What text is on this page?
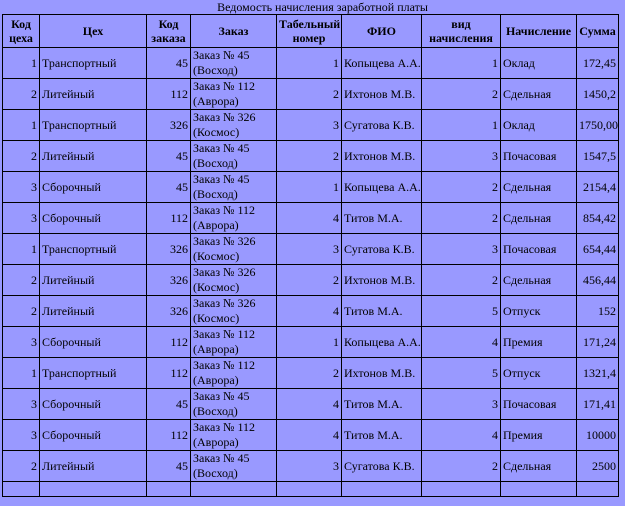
Ведомость начисления заработной платы
Код цеха	Цех	Код заказа	Заказ	Табельный номер	ФИО	вид начисления	Начисление	Сумма
1	Транспортный	45	Заказ № 45 (Восход)	1	Копыцева А.А.	1	Оклад	172,45
2	Литейный	112	Заказ № 112 (Аврора)	2	Ихтонов М.В.	2	Сдельная	1450,2
1	Транспортный	326	Заказ № 326 (Космос)	3	Сугатова К.В.	1	Оклад	1750,00
2	Литейный	45	Заказ № 45 (Восход)	2	Ихтонов М.В.	3	Почасовая	1547,5
3	Сборочный	45	Заказ № 45 (Восход)	1	Копыцева А.А.	2	Сдельная	2154,4
3	Сборочный	112	Заказ № 112 (Аврора)	4	Титов М.А.	2	Сдельная	854,42
1	Транспортный	326	Заказ № 326 (Космос)	3	Сугатова К.В.	3	Почасовая	654,44
2	Литейный	326	Заказ № 326 (Космос)	2	Ихтонов М.В.	2	Сдельная	456,44
2	Литейный	326	Заказ № 326 (Космос)	4	Титов М.А.	5	Отпуск	152
3	Сборочный	112	Заказ № 112 (Аврора)	1	Копыцева А.А.	4	Премия	171,24
1	Транспортный	112	Заказ № 112 (Аврора)	2	Ихтонов М.В.	5	Отпуск	1321,4
3	Сборочный	45	Заказ № 45 (Восход)	4	Титов М.А.	3	Почасовая	171,41
3	Сборочный	112	Заказ № 112 (Аврора)	4	Титов М.А.	4	Премия	10000
2	Литейный	45	Заказ № 45 (Восход)	3	Сугатова К.В.	2	Сдельная	2500
